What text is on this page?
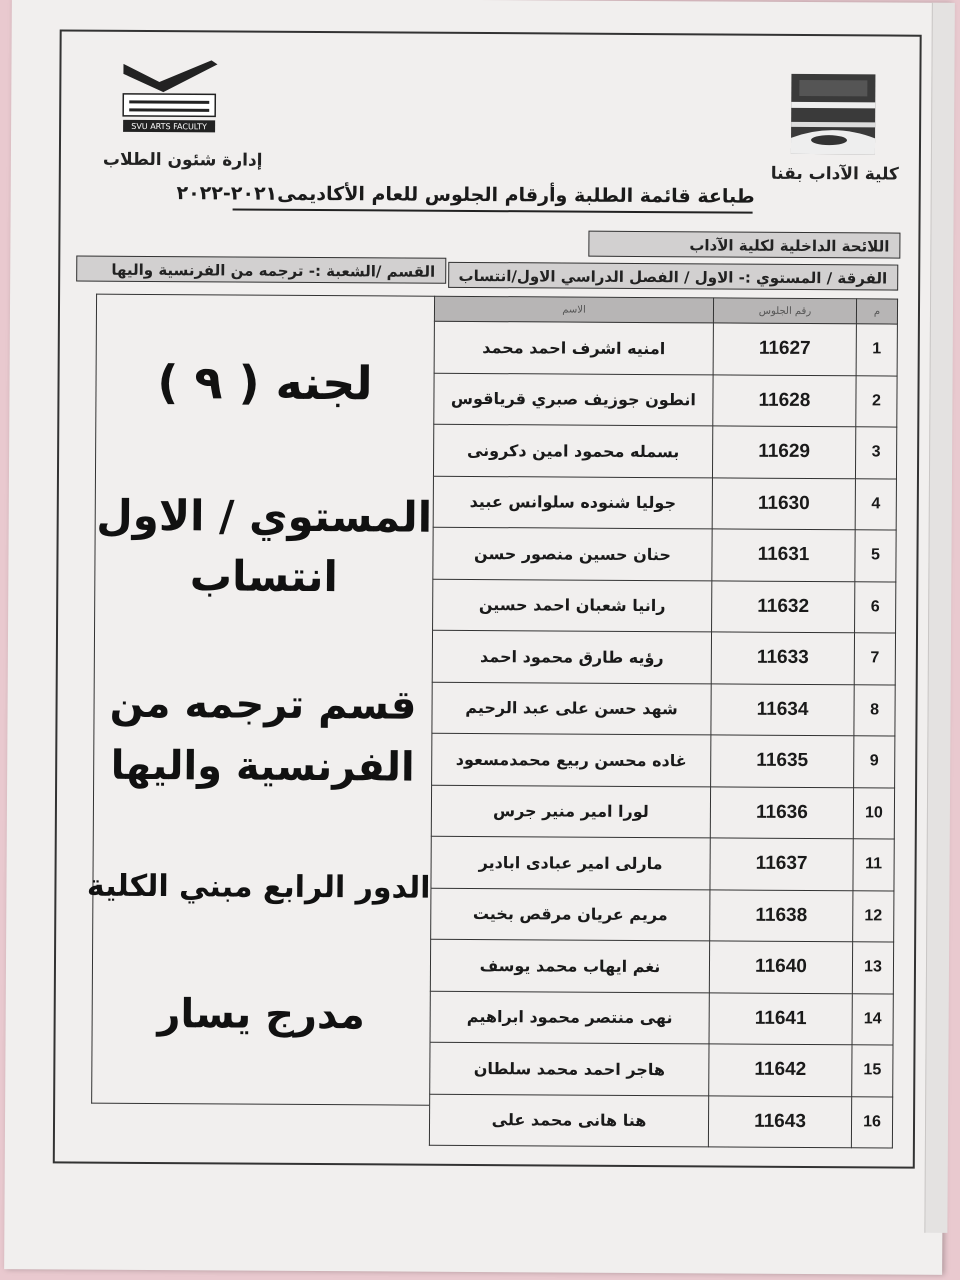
SVU ARTS FACULTY
كلية الآداب بقنا
إدارة شئون الطلاب
طباعة قائمة الطلبة وأرقام الجلوس للعام الأكاديمى٢٠٢١-٢٠٢٢
اللائحة الداخلية لكلية الآداب
الفرقة / المستوي :- الاول / الفصل الدراسي الاول/انتساب
القسم /الشعبة :- ترجمه من الفرنسية واليها
لجنه ( ٩ )
المستوي / الاول
انتساب
قسم ترجمه من
الفرنسية واليها
الدور الرابع مبني الكلية
مدرج يسار
م	رقم الجلوس	الاسم
1	11627	امنيه اشرف احمد محمد
2	11628	انطون جوزيف صبري قرياقوس
3	11629	بسمله محمود امين دكرونى
4	11630	جوليا شنوده سلوانس عبيد
5	11631	حنان حسين منصور حسن
6	11632	رانيا شعبان احمد حسين
7	11633	رؤيه طارق محمود احمد
8	11634	شهد حسن على عبد الرحيم
9	11635	غاده محسن ربيع محمدمسعود
10	11636	لورا امير منير جرس
11	11637	مارلى امير عبادى ابادير
12	11638	مريم عريان مرقص بخيت
13	11640	نغم ايهاب محمد يوسف
14	11641	نهى منتصر محمود ابراهيم
15	11642	هاجر احمد محمد سلطان
16	11643	هنا هانى محمد على
